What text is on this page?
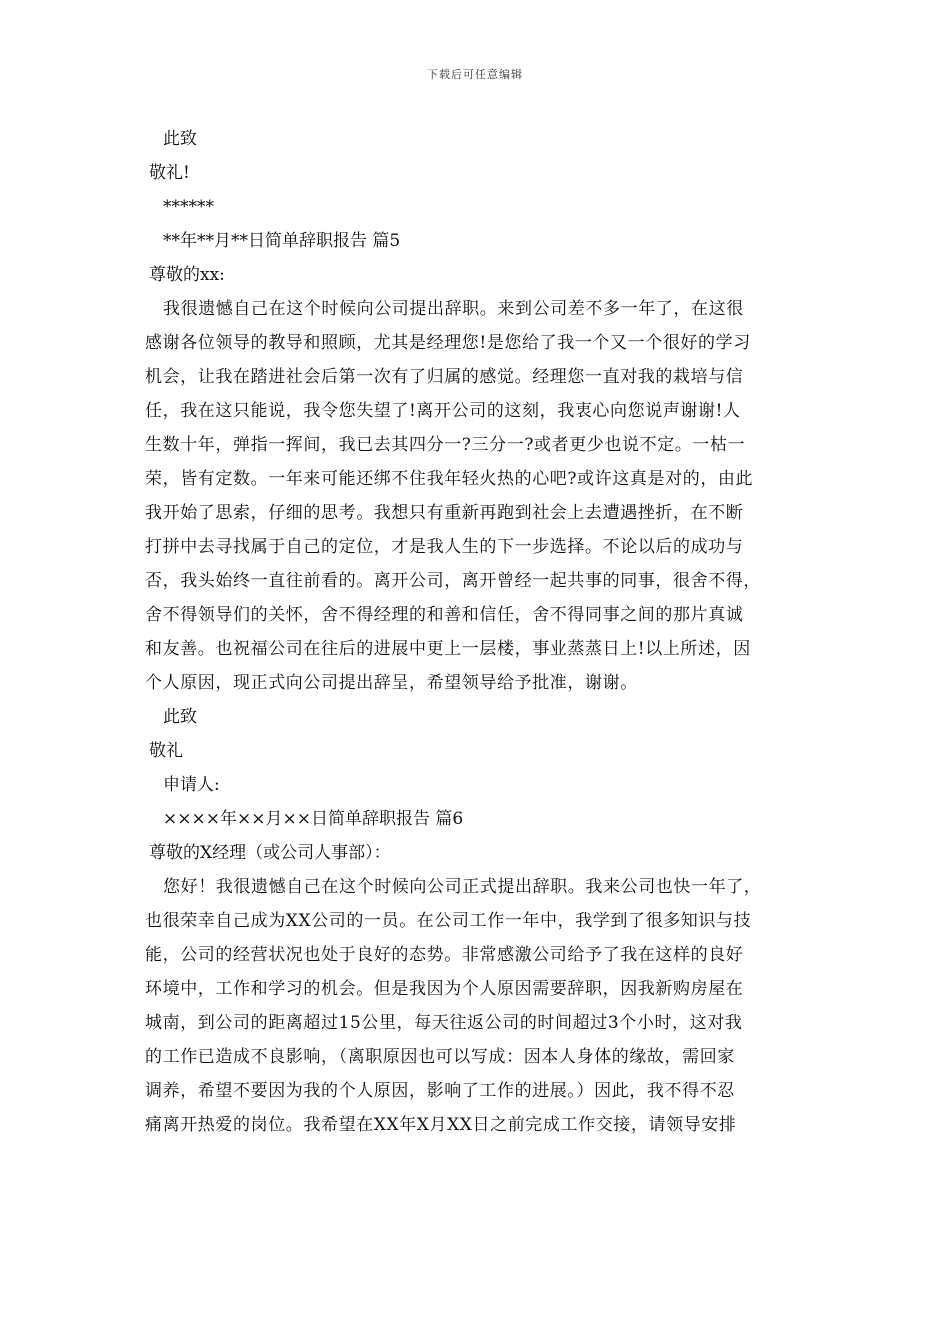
下载后可任意编辑
此致
敬礼!
******
**年**月**日简单辞职报告 篇5
尊敬的xx:
我很遗憾自己在这个时候向公司提出辞职。来到公司差不多一年了，在这很
感谢各位领导的教导和照顾，尤其是经理您!是您给了我一个又一个很好的学习
机会，让我在踏进社会后第一次有了归属的感觉。经理您一直对我的栽培与信
任，我在这只能说，我令您失望了!离开公司的这刻，我衷心向您说声谢谢!人
生数十年，弹指一挥间，我已去其四分一?三分一?或者更少也说不定。一枯一
荣，皆有定数。一年来可能还绑不住我年轻火热的心吧?或许这真是对的，由此
我开始了思索，仔细的思考。我想只有重新再跑到社会上去遭遇挫折，在不断
打拼中去寻找属于自己的定位，才是我人生的下一步选择。不论以后的成功与
否，我头始终一直往前看的。离开公司，离开曾经一起共事的同事，很舍不得，
舍不得领导们的关怀，舍不得经理的和善和信任，舍不得同事之间的那片真诚
和友善。也祝福公司在往后的进展中更上一层楼，事业蒸蒸日上!以上所述，因
个人原因，现正式向公司提出辞呈，希望领导给予批准，谢谢。
此致
敬礼
申请人:
××××年××月××日简单辞职报告 篇6
尊敬的X经理（或公司人事部）：
您好！我很遗憾自己在这个时候向公司正式提出辞职。我来公司也快一年了，
也很荣幸自己成为XX公司的一员。在公司工作一年中，我学到了很多知识与技
能，公司的经营状况也处于良好的态势。非常感激公司给予了我在这样的良好
环境中，工作和学习的机会。但是我因为个人原因需要辞职，因我新购房屋在
城南，到公司的距离超过15公里，每天往返公司的时间超过3个小时，这对我
的工作已造成不良影响，（离职原因也可以写成：因本人身体的缘故，需回家
调养，希望不要因为我的个人原因，影响了工作的进展。）因此，我不得不忍
痛离开热爱的岗位。我希望在XX年X月XX日之前完成工作交接，请领导安排
